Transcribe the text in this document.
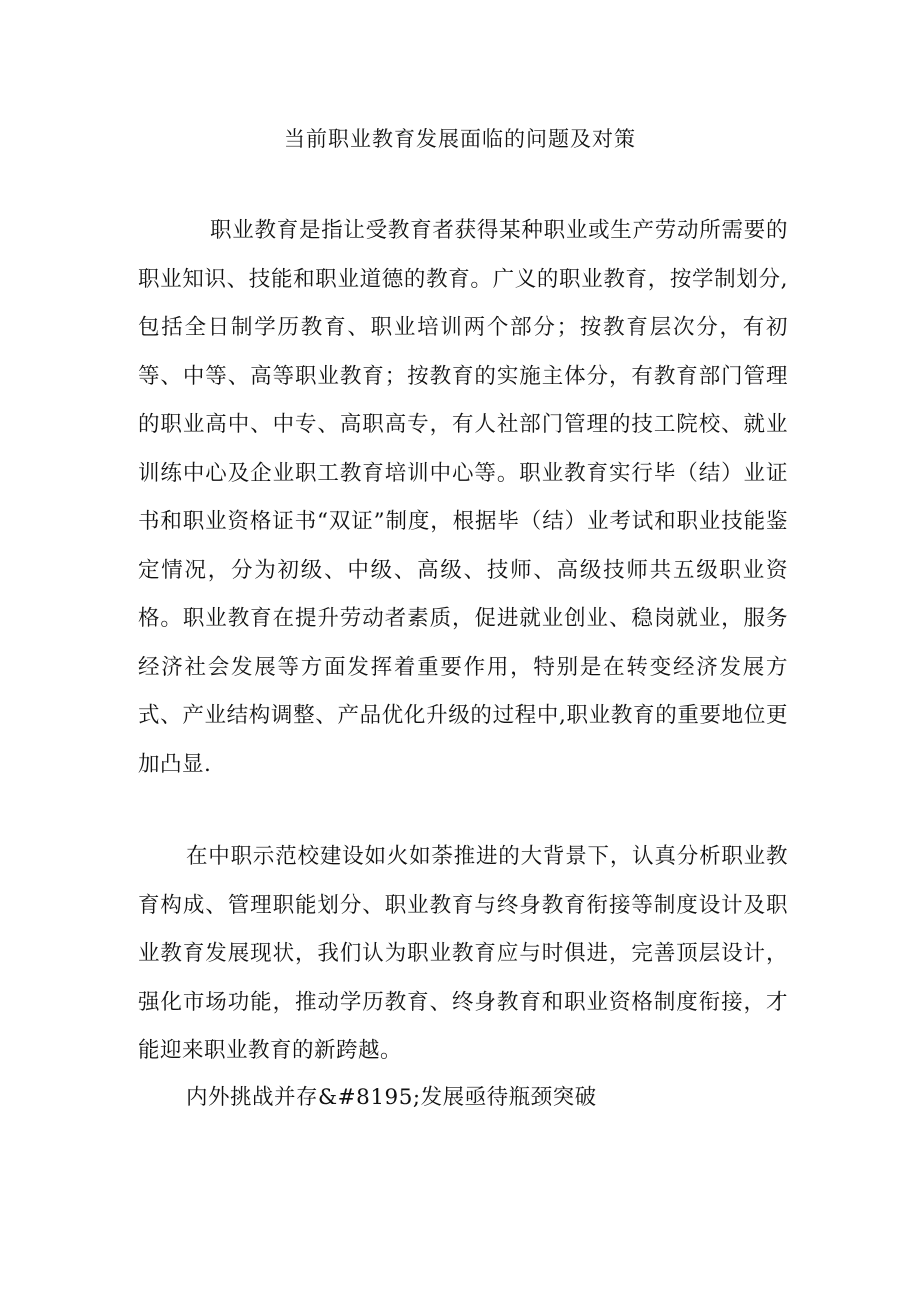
当前职业教育发展面临的问题及对策

职业教育是指让受教育者获得某种职业或生产劳动所需要的职业知识、技能和职业道德的教育。广义的职业教育，按学制划分,包括全日制学历教育、职业培训两个部分；按教育层次分，有初等、中等、高等职业教育；按教育的实施主体分，有教育部门管理的职业高中、中专、高职高专，有人社部门管理的技工院校、就业训练中心及企业职工教育培训中心等。职业教育实行毕（结）业证书和职业资格证书“双证”制度，根据毕（结）业考试和职业技能鉴定情况，分为初级、中级、高级、技师、高级技师共五级职业资格。职业教育在提升劳动者素质，促进就业创业、稳岗就业，服务经济社会发展等方面发挥着重要作用，特别是在转变经济发展方式、产业结构调整、产品优化升级的过程中,职业教育的重要地位更加凸显.

在中职示范校建设如火如荼推进的大背景下，认真分析职业教育构成、管理职能划分、职业教育与终身教育衔接等制度设计及职业教育发展现状，我们认为职业教育应与时俱进，完善顶层设计，强化市场功能，推动学历教育、终身教育和职业资格制度衔接，才能迎来职业教育的新跨越。

内外挑战并存&#8195;发展亟待瓶颈突破
